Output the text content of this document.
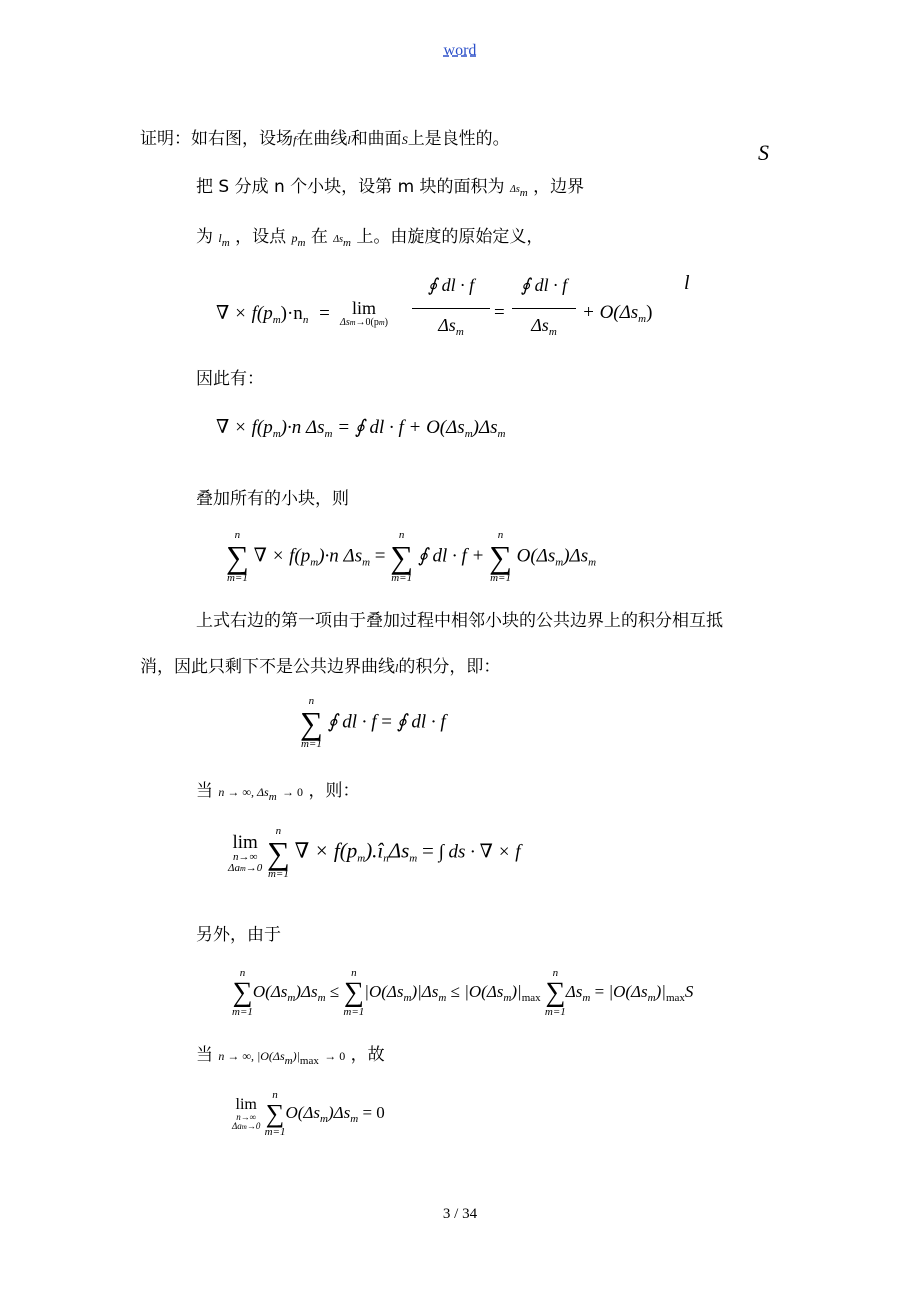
word
S
l
证明：如右图，设场f在曲线l和曲面S上是良性的。
把 S 分成 n 个小块，设第 m 块的面积为 $\Delta s_m$ ，边界
为 $l_m$ ，设点 $p_m$ 在 $\Delta s_m$ 上。由旋度的原始定义，
∇ × $f(p_m)\cdot n_n$ =	lim
Δsm→0(pm)
∮ dl · f
$\Delta s_m$
=
∮ dl · f
$\Delta s_m$
+ $O(\Delta s_m)$
因此有：
∇ × $f(p_m)\cdot n$ $\Delta s_m$ = ∮ dl · $f + O(\Delta s_m)\Delta s_m$
叠加所有的小块，则
n
∑
m=1
∇ × $f(p_m)\cdot n$ $\Delta s_m$ =
n
∑
m=1
∮ dl · f +
n
∑
m=1
$O(\Delta s_m)\Delta s_m$
上式右边的第一项由于叠加过程中相邻小块的公共边界上的积分相互抵
消，因此只剩下不是公共边界曲线l的积分，即：
n
∑
m=1
∮ dl · f = ∮ dl · f
当 n → ∞, $\Delta s_m \to 0$ ，则：
lim
n→∞
Δam→0

n
∑
m=1
∇ × $f(p_m).î_n\Delta s_m$ = ∫ ds · ∇ × f
另外，由于
n
∑
m=1
$O(\Delta s_m)\Delta s_m$ ≤
n
∑
m=1
$|O(\Delta s_m)|\Delta s_m \le |O(\Delta s_m)|_{max}$
n
∑
m=1
$\Delta s_m = |O(\Delta s_m)|_{max}S$
当 n → ∞, $|O(\Delta s_m)|_{max} \to 0$ ，故
lim
n→∞
Δam→0

n
∑
m=1
$O(\Delta s_m)\Delta s_m = 0$
3 / 34
